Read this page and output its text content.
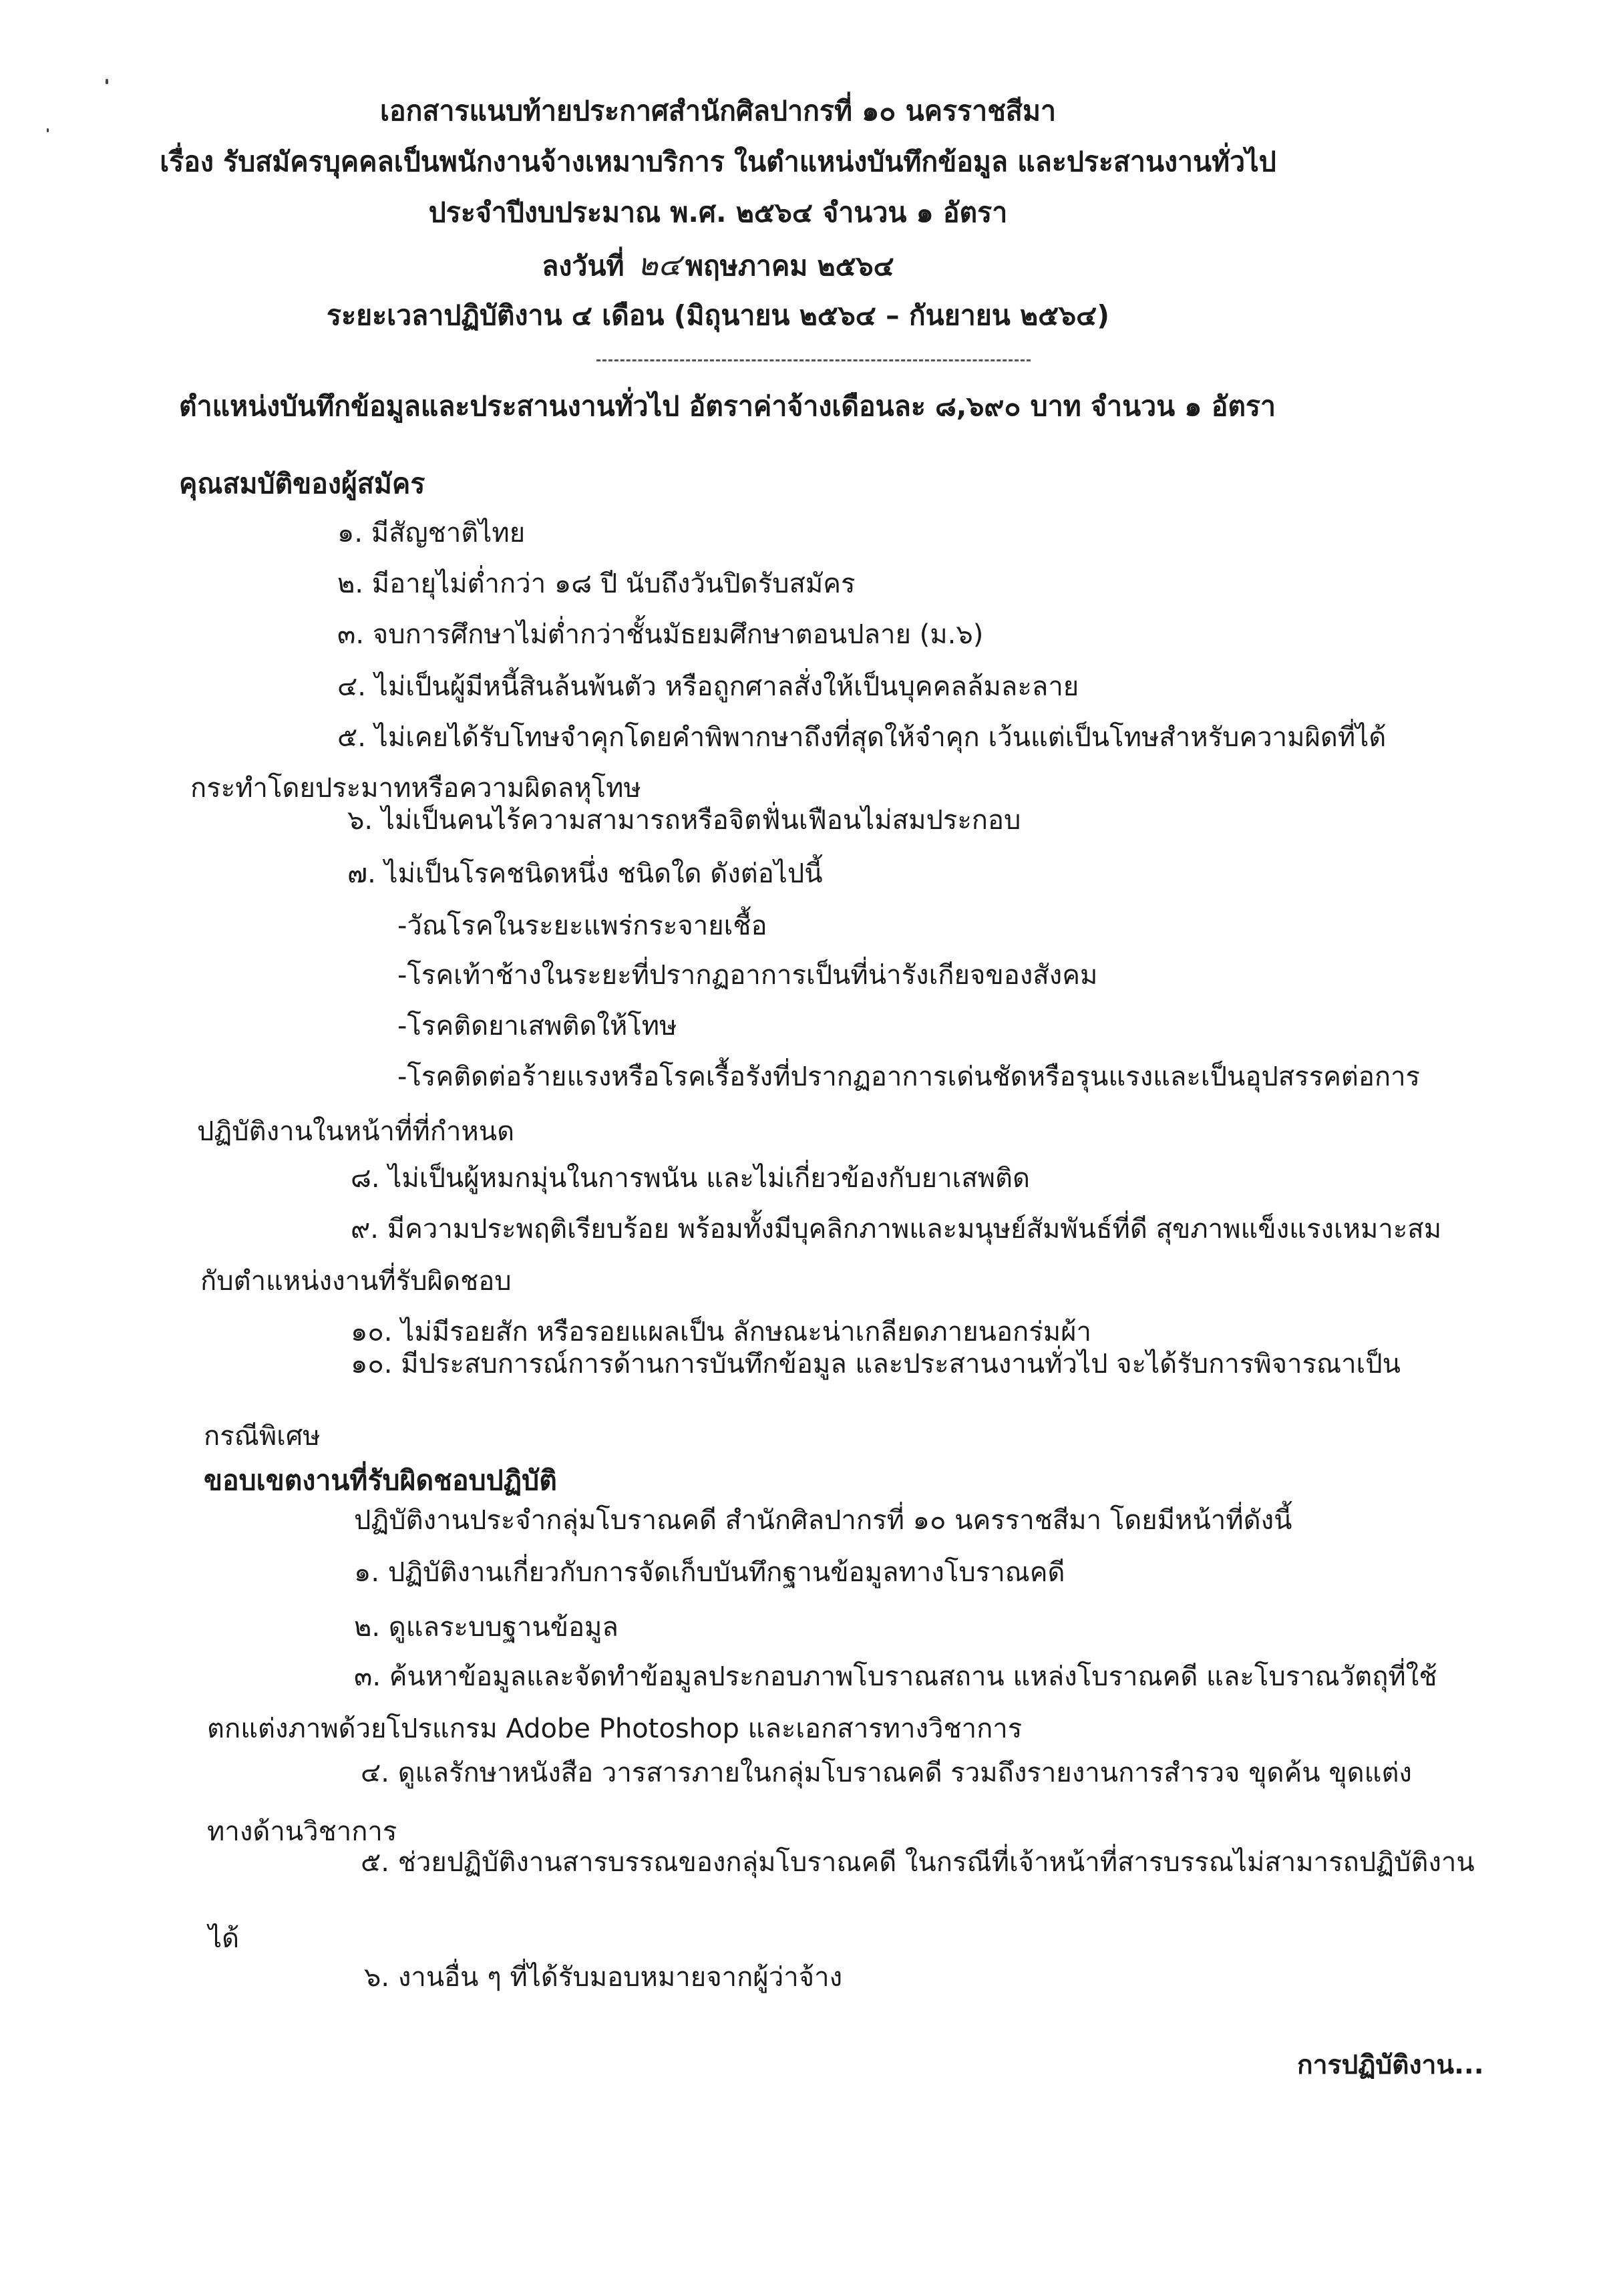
เอกสารแนบท้ายประกาศสำนักศิลปากรที่ ๑๐ นครราชสีมา
เรื่อง รับสมัครบุคคลเป็นพนักงานจ้างเหมาบริการ ในตำแหน่งบันทึกข้อมูล และประสานงานทั่วไป
ประจำปีงบประมาณ พ.ศ. ๒๕๖๔ จำนวน ๑ อัตรา
ลงวันที่ ๒๔ พฤษภาคม ๒๕๖๔
ระยะเวลาปฏิบัติงาน ๔ เดือน (มิถุนายน ๒๕๖๔ – กันยายน ๒๕๖๔)
ตำแหน่งบันทึกข้อมูลและประสานงานทั่วไป อัตราค่าจ้างเดือนละ ๘,๖๙๐ บาท จำนวน ๑ อัตรา
คุณสมบัติของผู้สมัคร
๑. มีสัญชาติไทย
๒. มีอายุไม่ต่ำกว่า ๑๘ ปี นับถึงวันปิดรับสมัคร
๓. จบการศึกษาไม่ต่ำกว่าชั้นมัธยมศึกษาตอนปลาย (ม.๖)
๔. ไม่เป็นผู้มีหนี้สินล้นพ้นตัว หรือถูกศาลสั่งให้เป็นบุคคลล้มละลาย
๕. ไม่เคยได้รับโทษจำคุกโดยคำพิพากษาถึงที่สุดให้จำคุก เว้นแต่เป็นโทษสำหรับความผิดที่ได้
กระทำโดยประมาทหรือความผิดลหุโทษ
๖. ไม่เป็นคนไร้ความสามารถหรือจิตฟั่นเฟือนไม่สมประกอบ
๗. ไม่เป็นโรคชนิดหนึ่ง ชนิดใด ดังต่อไปนี้
-วัณโรคในระยะแพร่กระจายเชื้อ
-โรคเท้าช้างในระยะที่ปรากฏอาการเป็นที่น่ารังเกียจของสังคม
-โรคติดยาเสพติดให้โทษ
-โรคติดต่อร้ายแรงหรือโรคเรื้อรังที่ปรากฏอาการเด่นชัดหรือรุนแรงและเป็นอุปสรรคต่อการ
ปฏิบัติงานในหน้าที่ที่กำหนด
๘. ไม่เป็นผู้หมกมุ่นในการพนัน และไม่เกี่ยวข้องกับยาเสพติด
๙. มีความประพฤติเรียบร้อย พร้อมทั้งมีบุคลิกภาพและมนุษย์สัมพันธ์ที่ดี สุขภาพแข็งแรงเหมาะสม
กับตำแหน่งงานที่รับผิดชอบ
๑๐. ไม่มีรอยสัก หรือรอยแผลเป็น ลักษณะน่าเกลียดภายนอกร่มผ้า
๑๐. มีประสบการณ์การด้านการบันทึกข้อมูล และประสานงานทั่วไป จะได้รับการพิจารณาเป็น
กรณีพิเศษ
ขอบเขตงานที่รับผิดชอบปฏิบัติ
ปฏิบัติงานประจำกลุ่มโบราณคดี สำนักศิลปากรที่ ๑๐ นครราชสีมา โดยมีหน้าที่ดังนี้
๑. ปฏิบัติงานเกี่ยวกับการจัดเก็บบันทึกฐานข้อมูลทางโบราณคดี
๒. ดูแลระบบฐานข้อมูล
๓. ค้นหาข้อมูลและจัดทำข้อมูลประกอบภาพโบราณสถาน แหล่งโบราณคดี และโบราณวัตถุที่ใช้
ตกแต่งภาพด้วยโปรแกรม Adobe Photoshop และเอกสารทางวิชาการ
๔. ดูแลรักษาหนังสือ วารสารภายในกลุ่มโบราณคดี รวมถึงรายงานการสำรวจ ขุดค้น ขุดแต่ง
ทางด้านวิชาการ
๕. ช่วยปฏิบัติงานสารบรรณของกลุ่มโบราณคดี ในกรณีที่เจ้าหน้าที่สารบรรณไม่สามารถปฏิบัติงาน
ได้
๖. งานอื่น ๆ ที่ได้รับมอบหมายจากผู้ว่าจ้าง
การปฏิบัติงาน...
